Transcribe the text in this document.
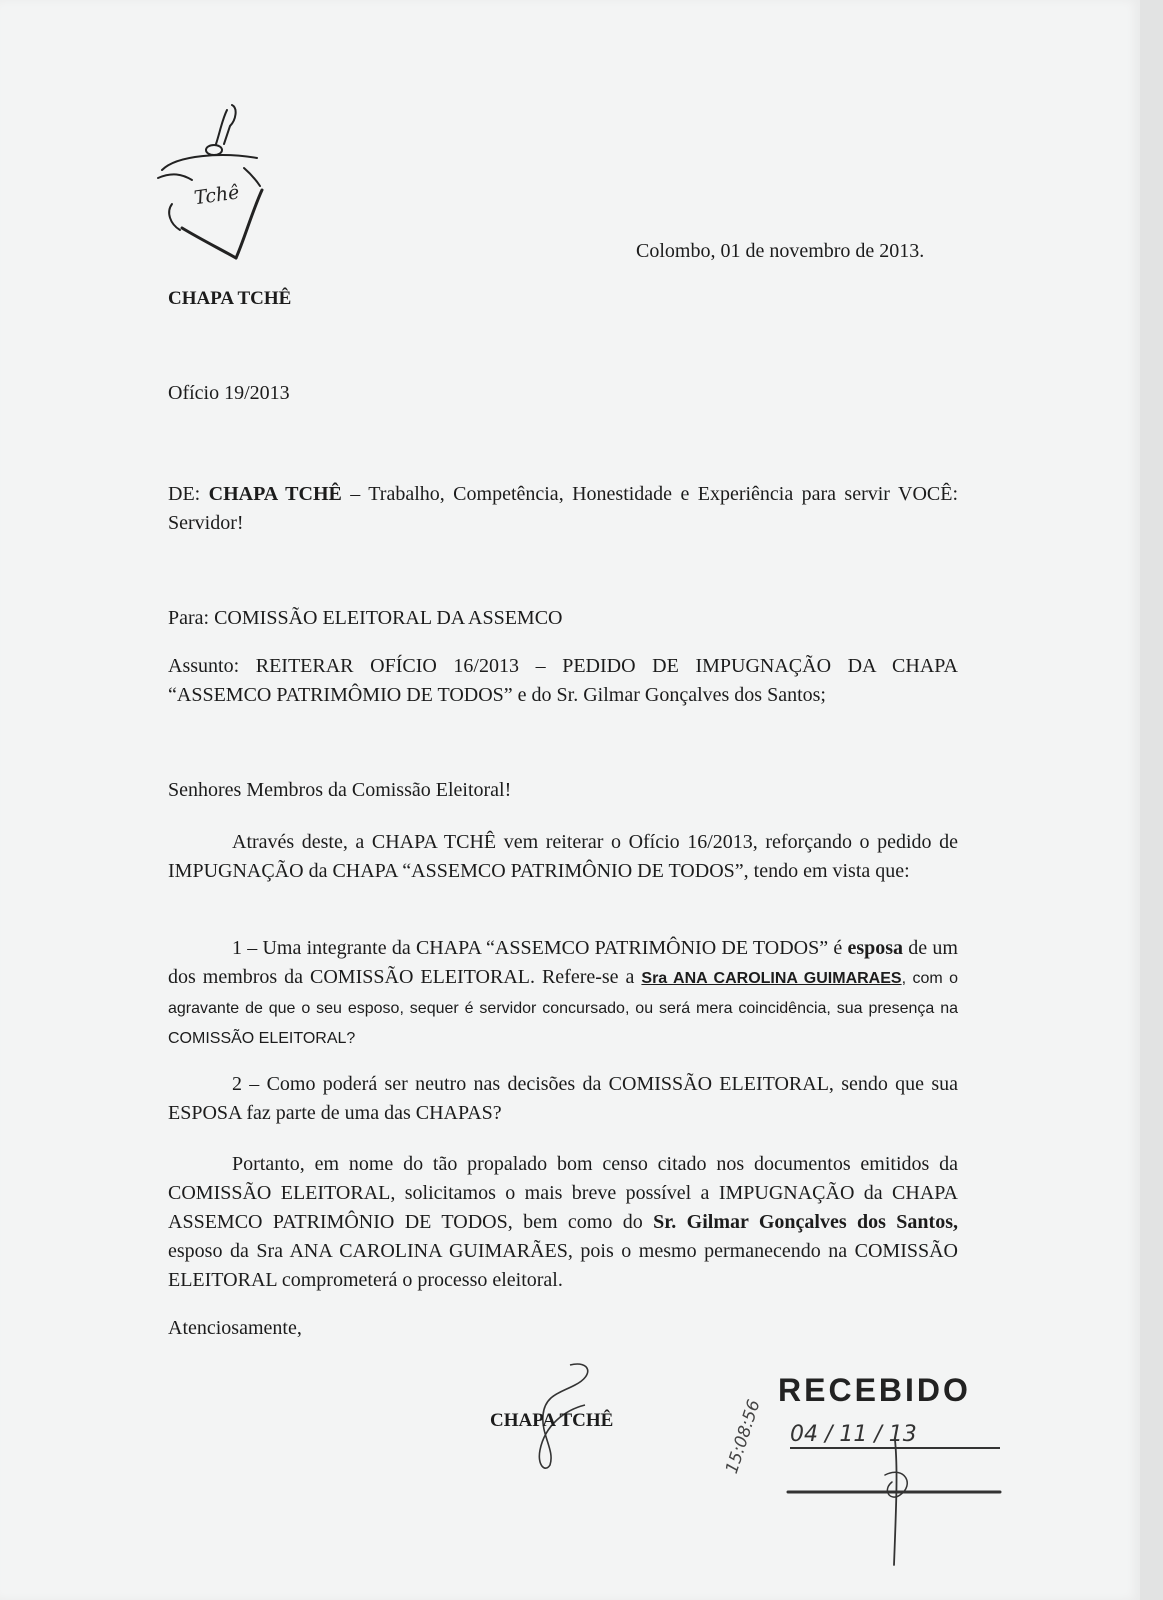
Tchê
Colombo, 01 de novembro de 2013.
CHAPA TCHÊ
Ofício 19/2013
DE: CHAPA TCHÊ – Trabalho, Competência, Honestidade e Experiência para servir VOCÊ: Servidor!
Para: COMISSÃO ELEITORAL DA ASSEMCO
Assunto: REITERAR OFÍCIO 16/2013 – PEDIDO DE IMPUGNAÇÃO DA CHAPA “ASSEMCO PATRIMÔMIO DE TODOS” e do Sr. Gilmar Gonçalves dos Santos;
Senhores Membros da Comissão Eleitoral!
Através deste, a CHAPA TCHÊ vem reiterar o Ofício 16/2013, reforçando o pedido de IMPUGNAÇÃO da CHAPA “ASSEMCO PATRIMÔNIO DE TODOS”, tendo em vista que:
1 – Uma integrante da CHAPA “ASSEMCO PATRIMÔNIO DE TODOS” é esposa de um dos membros da COMISSÃO ELEITORAL. Refere-se a Sra ANA CAROLINA GUIMARAES, com o agravante de que o seu esposo, sequer é servidor concursado, ou será mera coincidência, sua presença na COMISSÃO ELEITORAL?
2 – Como poderá ser neutro nas decisões da COMISSÃO ELEITORAL, sendo que sua ESPOSA faz parte de uma das CHAPAS?
Portanto, em nome do tão propalado bom censo citado nos documentos emitidos da COMISSÃO ELEITORAL, solicitamos o mais breve possível a IMPUGNAÇÃO da CHAPA ASSEMCO PATRIMÔNIO DE TODOS, bem como do Sr. Gilmar Gonçalves dos Santos, esposo da Sra ANA CAROLINA GUIMARÃES, pois o mesmo permanecendo na COMISSÃO ELEITORAL comprometerá o processo eleitoral.
Atenciosamente,
CHAPA TCHÊ
RECEBIDO
04 / 11 / 13
15:08:56
